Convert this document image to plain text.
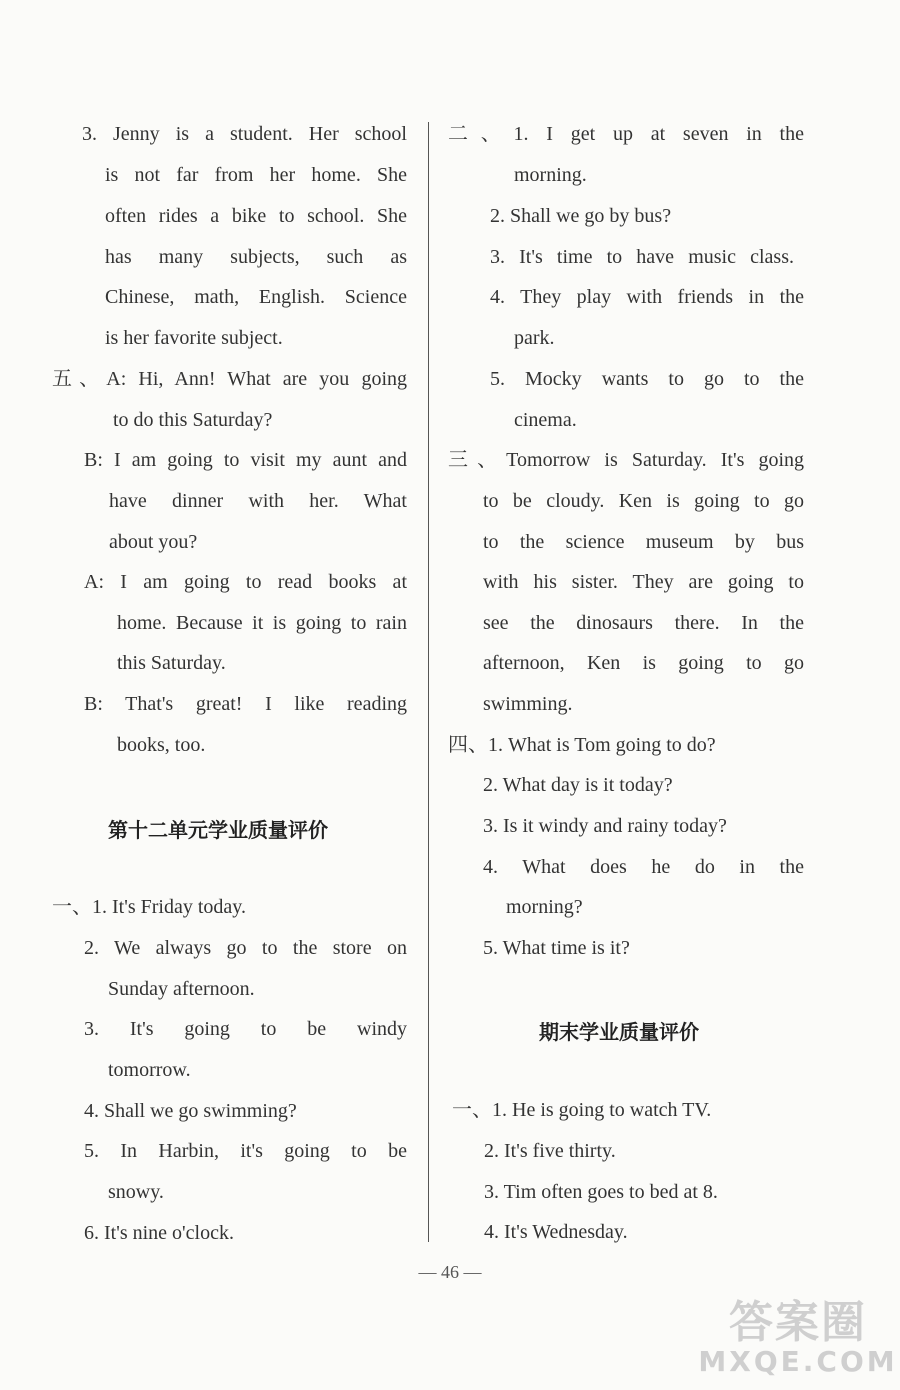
3. Jenny is a student. Her school
is not far from her home. She
often rides a bike to school. She
has many subjects, such as
Chinese, math, English. Science
is her favorite subject.
五、A: Hi, Ann! What are you going
to do this Saturday?
B: I am going to visit my aunt and
have dinner with her. What
about you?
A: I am going to read books at
home. Because it is going to rain
this Saturday.
B: That's great! I like reading
books, too.
第十二单元学业质量评价
一、1. It's Friday today.
2. We always go to the store on
Sunday afternoon.
3. It's going to be windy
tomorrow.
4. Shall we go swimming?
5. In Harbin, it's going to be
snowy.
6. It's nine o'clock.
二、1. I get up at seven in the
morning.
2. Shall we go by bus?
3. It's time to have music class.
4. They play with friends in the
park.
5. Mocky wants to go to the
cinema.
三、Tomorrow is Saturday. It's going
to be cloudy. Ken is going to go
to the science museum by bus
with his sister. They are going to
see the dinosaurs there. In the
afternoon, Ken is going to go
swimming.
四、1. What is Tom going to do?
2. What day is it today?
3. Is it windy and rainy today?
4. What does he do in the
morning?
5. What time is it?
期末学业质量评价
一、1. He is going to watch TV.
2. It's five thirty.
3. Tim often goes to bed at 8.
4. It's Wednesday.
— 46 —
答案圈
MXQE.COM
